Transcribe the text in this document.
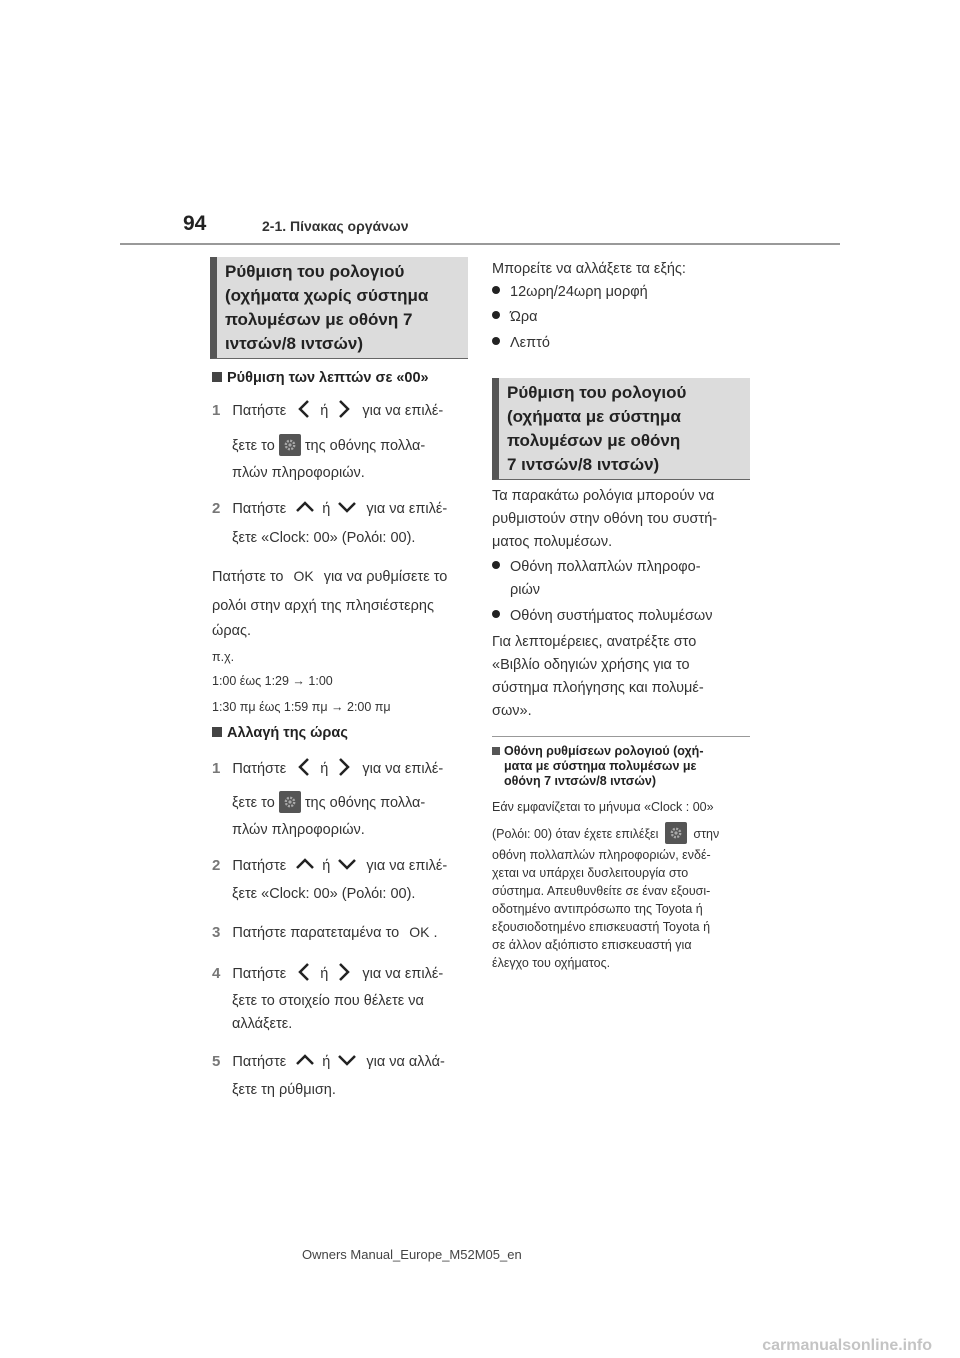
94	2-1. Πίνακας οργάνων
Ρύθμιση του ρολογιού
(οχήματα χωρίς σύστημα
πολυμέσων με οθόνη 7
ιντσών/8 ιντσών)
Ρύθμιση των λεπτών σε «00»
1 Πατήστε ή για να επιλέ-
ξετε το της οθόνης πολλα-
πλών πληροφοριών.
2 Πατήστε ή για να επιλέ-
ξετε «Clock: 00» (Ρολόι: 00).
Πατήστε το OK για να ρυθμίσετε το
ρολόι στην αρχή της πλησιέστερης
ώρας.
π.χ.
1:00 έως 1:29 → 1:00
1:30 πμ έως 1:59 πμ → 2:00 πμ
Αλλαγή της ώρας
1 Πατήστε ή για να επιλέ-
ξετε το της οθόνης πολλα-
πλών πληροφοριών.
2 Πατήστε ή για να επιλέ-
ξετε «Clock: 00» (Ρολόι: 00).
3 Πατήστε παρατεταμένα το OK .
4 Πατήστε ή για να επιλέ-
ξετε το στοιχείο που θέλετε να
αλλάξετε.
5 Πατήστε ή για να αλλά-
ξετε τη ρύθμιση.
Μπορείτε να αλλάξετε τα εξής:
12ωρη/24ωρη μορφή
Ώρα
Λεπτό
Ρύθμιση του ρολογιού
(οχήματα με σύστημα
πολυμέσων με οθόνη
7 ιντσών/8 ιντσών)
Τα παρακάτω ρολόγια μπορούν να
ρυθμιστούν στην οθόνη του συστή-
ματος πολυμέσων.
Οθόνη πολλαπλών πληροφο-
ριών
Οθόνη συστήματος πολυμέσων
Για λεπτομέρειες, ανατρέξτε στο
«Βιβλίο οδηγιών χρήσης για το
σύστημα πλοήγησης και πολυμέ-
σων».
Οθόνη ρυθμίσεων ρολογιού (οχή-
ματα με σύστημα πολυμέσων με
οθόνη 7 ιντσών/8 ιντσών)
Εάν εμφανίζεται το μήνυμα «Clock : 00»
(Ρολόι: 00) όταν έχετε επιλέξει	στην
οθόνη πολλαπλών πληροφοριών, ενδέ-
χεται να υπάρχει δυσλειτουργία στο
σύστημα. Απευθυνθείτε σε έναν εξουσι-
οδοτημένο αντιπρόσωπο της Toyota ή
εξουσιοδοτημένο επισκευαστή Toyota ή
σε άλλον αξιόπιστο επισκευαστή για
έλεγχο του οχήματος.
Owners Manual_Europe_M52M05_en
carmanualsonline.info
